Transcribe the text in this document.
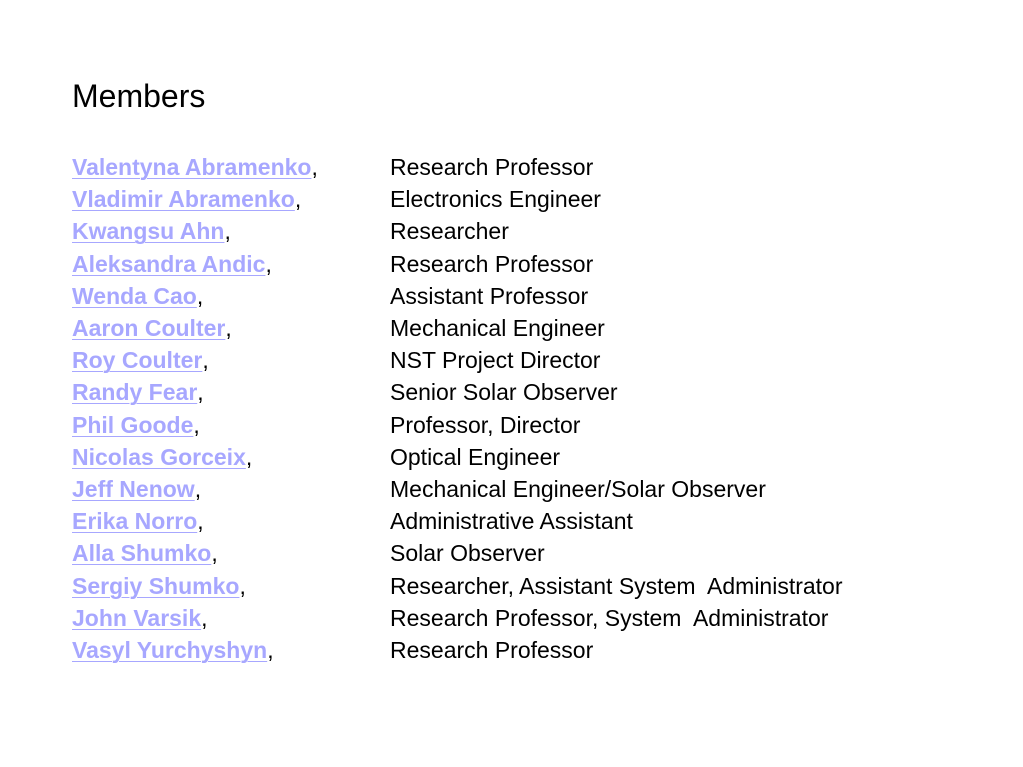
Members
Valentyna Abramenko,	Research Professor
Vladimir Abramenko,	Electronics Engineer
Kwangsu Ahn,	Researcher
Aleksandra Andic,	Research Professor
Wenda Cao,	Assistant Professor
Aaron Coulter,	Mechanical Engineer
Roy Coulter,	NST Project Director
Randy Fear,	Senior Solar Observer
Phil Goode,	Professor, Director
Nicolas Gorceix,	Optical Engineer
Jeff Nenow,	Mechanical Engineer/Solar Observer
Erika Norro,	Administrative Assistant
Alla Shumko,	Solar Observer
Sergiy Shumko,	Researcher, Assistant System  Administrator
John Varsik,	Research Professor, System  Administrator
Vasyl Yurchyshyn,	Research Professor
